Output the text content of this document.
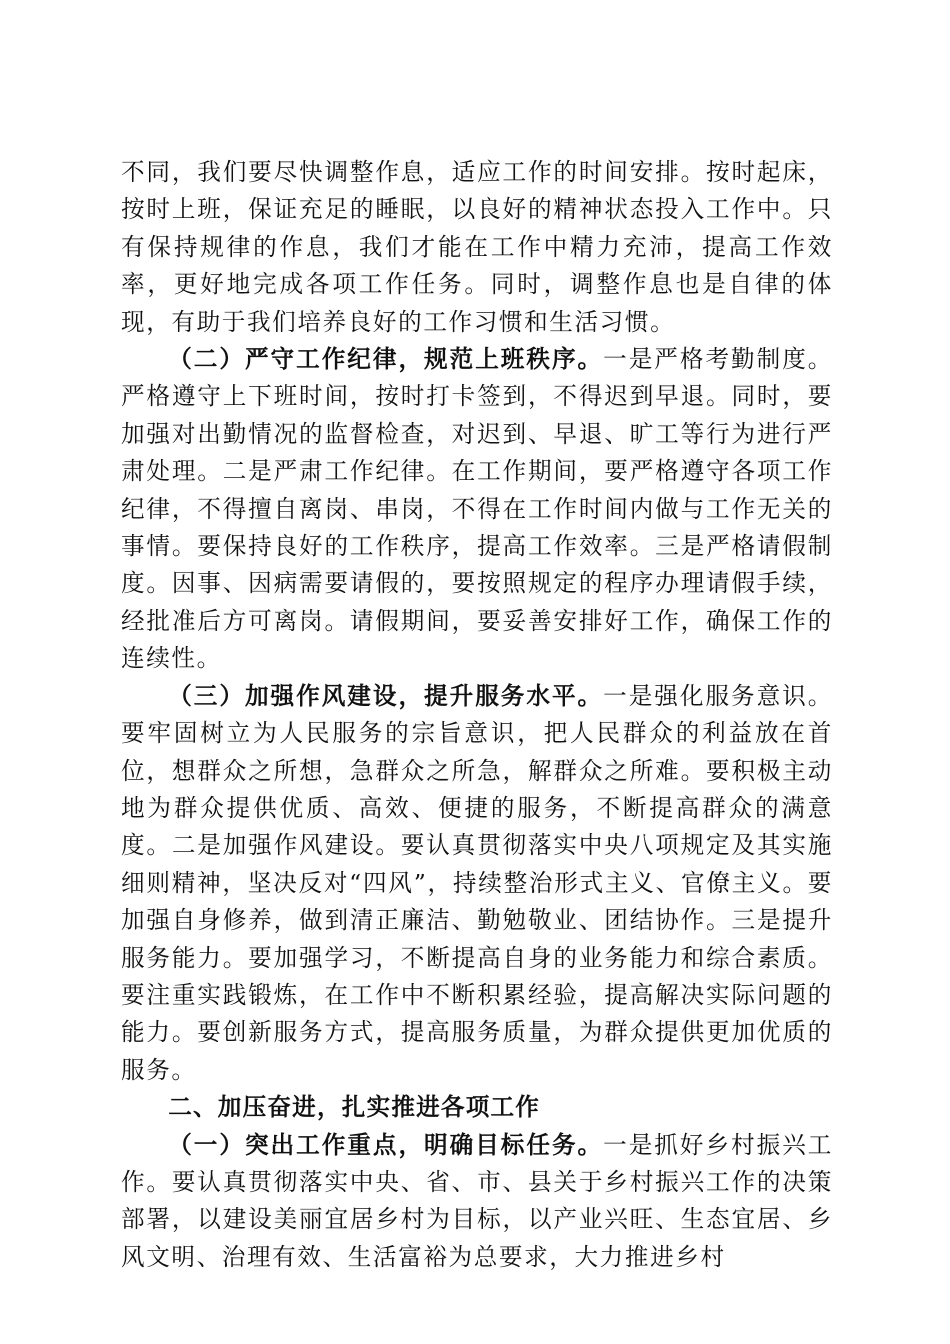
不同，我们要尽快调整作息，适应工作的时间安排。按时起床，按时上班，保证充足的睡眠，以良好的精神状态投入工作中。只有保持规律的作息，我们才能在工作中精力充沛，提高工作效率，更好地完成各项工作任务。同时，调整作息也是自律的体现，有助于我们培养良好的工作习惯和生活习惯。

（二）严守工作纪律，规范上班秩序。一是严格考勤制度。严格遵守上下班时间，按时打卡签到，不得迟到早退。同时，要加强对出勤情况的监督检查，对迟到、早退、旷工等行为进行严肃处理。二是严肃工作纪律。在工作期间，要严格遵守各项工作纪律，不得擅自离岗、串岗，不得在工作时间内做与工作无关的事情。要保持良好的工作秩序，提高工作效率。三是严格请假制度。因事、因病需要请假的，要按照规定的程序办理请假手续，经批准后方可离岗。请假期间，要妥善安排好工作，确保工作的连续性。

（三）加强作风建设，提升服务水平。一是强化服务意识。要牢固树立为人民服务的宗旨意识，把人民群众的利益放在首位，想群众之所想，急群众之所急，解群众之所难。要积极主动地为群众提供优质、高效、便捷的服务，不断提高群众的满意度。二是加强作风建设。要认真贯彻落实中央八项规定及其实施细则精神，坚决反对“四风”，持续整治形式主义、官僚主义。要加强自身修养，做到清正廉洁、勤勉敬业、团结协作。三是提升服务能力。要加强学习，不断提高自身的业务能力和综合素质。要注重实践锻炼，在工作中不断积累经验，提高解决实际问题的能力。要创新服务方式，提高服务质量，为群众提供更加优质的服务。

二、加压奋进，扎实推进各项工作

（一）突出工作重点，明确目标任务。一是抓好乡村振兴工作。要认真贯彻落实中央、省、市、县关于乡村振兴工作的决策部署，以建设美丽宜居乡村为目标，以产业兴旺、生态宜居、乡风文明、治理有效、生活富裕为总要求，大力推进乡村
